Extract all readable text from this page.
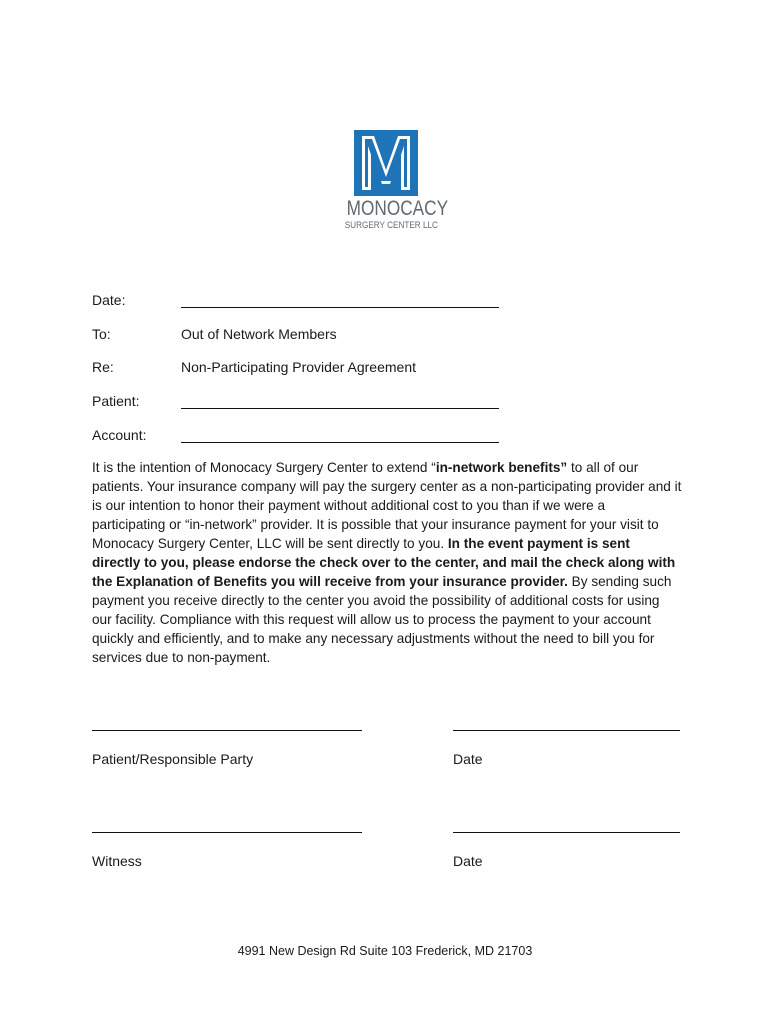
MONOCACY
SURGERY CENTER LLC
Date:
To:	Out of Network Members
Re:	Non-Participating Provider Agreement
Patient:
Account:
It is the intention of Monocacy Surgery Center to extend “in-network benefits” to all of our patients. Your insurance company will pay the surgery center as a non-participating provider and it is our intention to honor their payment without additional cost to you than if we were a participating or “in-network” provider. It is possible that your insurance payment for your visit to Monocacy Surgery Center, LLC will be sent directly to you. In the event payment is sent directly to you, please endorse the check over to the center, and mail the check along with the Explanation of Benefits you will receive from your insurance provider. By sending such payment you receive directly to the center you avoid the possibility of additional costs for using our facility. Compliance with this request will allow us to process the payment to your account quickly and efficiently, and to make any necessary adjustments without the need to bill you for services due to non-payment.
Patient/Responsible Party	Date
Witness	Date
4991 New Design Rd Suite 103 Frederick, MD 21703
